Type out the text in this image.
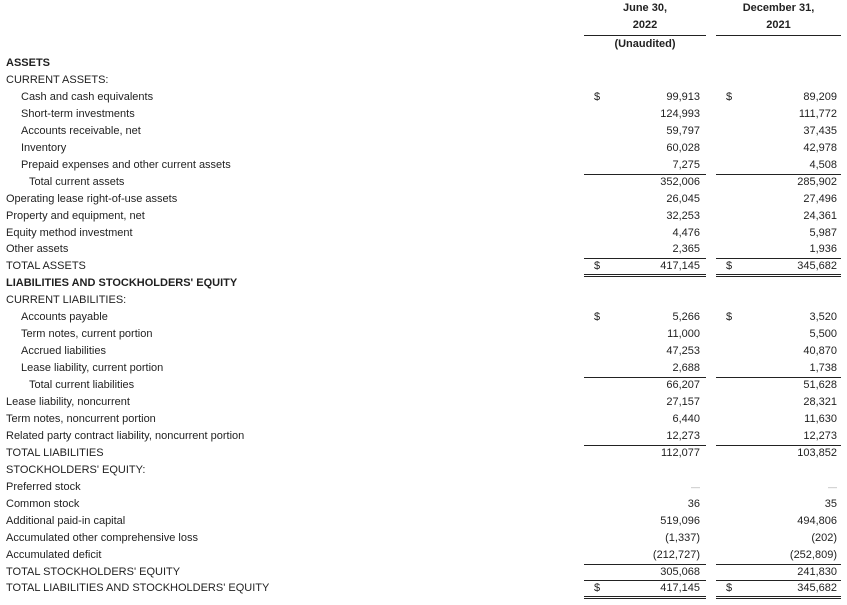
June 30,
2022
(Unaudited)
December 31,
2021
ASSETS
CURRENT ASSETS:
Cash and cash equivalents	$	99,913 $	89,209
Short-term investments	124,993	111,772
Accounts receivable, net	59,797	37,435
Inventory	60,028	42,978
Prepaid expenses and other current assets	7,275	4,508
Total current assets	352,006	285,902
Operating lease right-of-use assets	26,045	27,496
Property and equipment, net	32,253	24,361
Equity method investment	4,476	5,987
Other assets	2,365	1,936
TOTAL ASSETS	$	417,145 $	345,682
LIABILITIES AND STOCKHOLDERS' EQUITY
CURRENT LIABILITIES:
Accounts payable	$	5,266 $	3,520
Term notes, current portion	11,000	5,500
Accrued liabilities	47,253	40,870
Lease liability, current portion	2,688	1,738
Total current liabilities	66,207	51,628
Lease liability, noncurrent	27,157	28,321
Term notes, noncurrent portion	6,440	11,630
Related party contract liability, noncurrent portion	12,273	12,273
TOTAL LIABILITIES	112,077	103,852
STOCKHOLDERS' EQUITY:
Preferred stock	—	—
Common stock	36	35
Additional paid-in capital	519,096	494,806
Accumulated other comprehensive loss	(1,337)	(202)
Accumulated deficit	(212,727)	(252,809)
TOTAL STOCKHOLDERS' EQUITY	305,068	241,830
TOTAL LIABILITIES AND STOCKHOLDERS' EQUITY	$	417,145 $	345,682
